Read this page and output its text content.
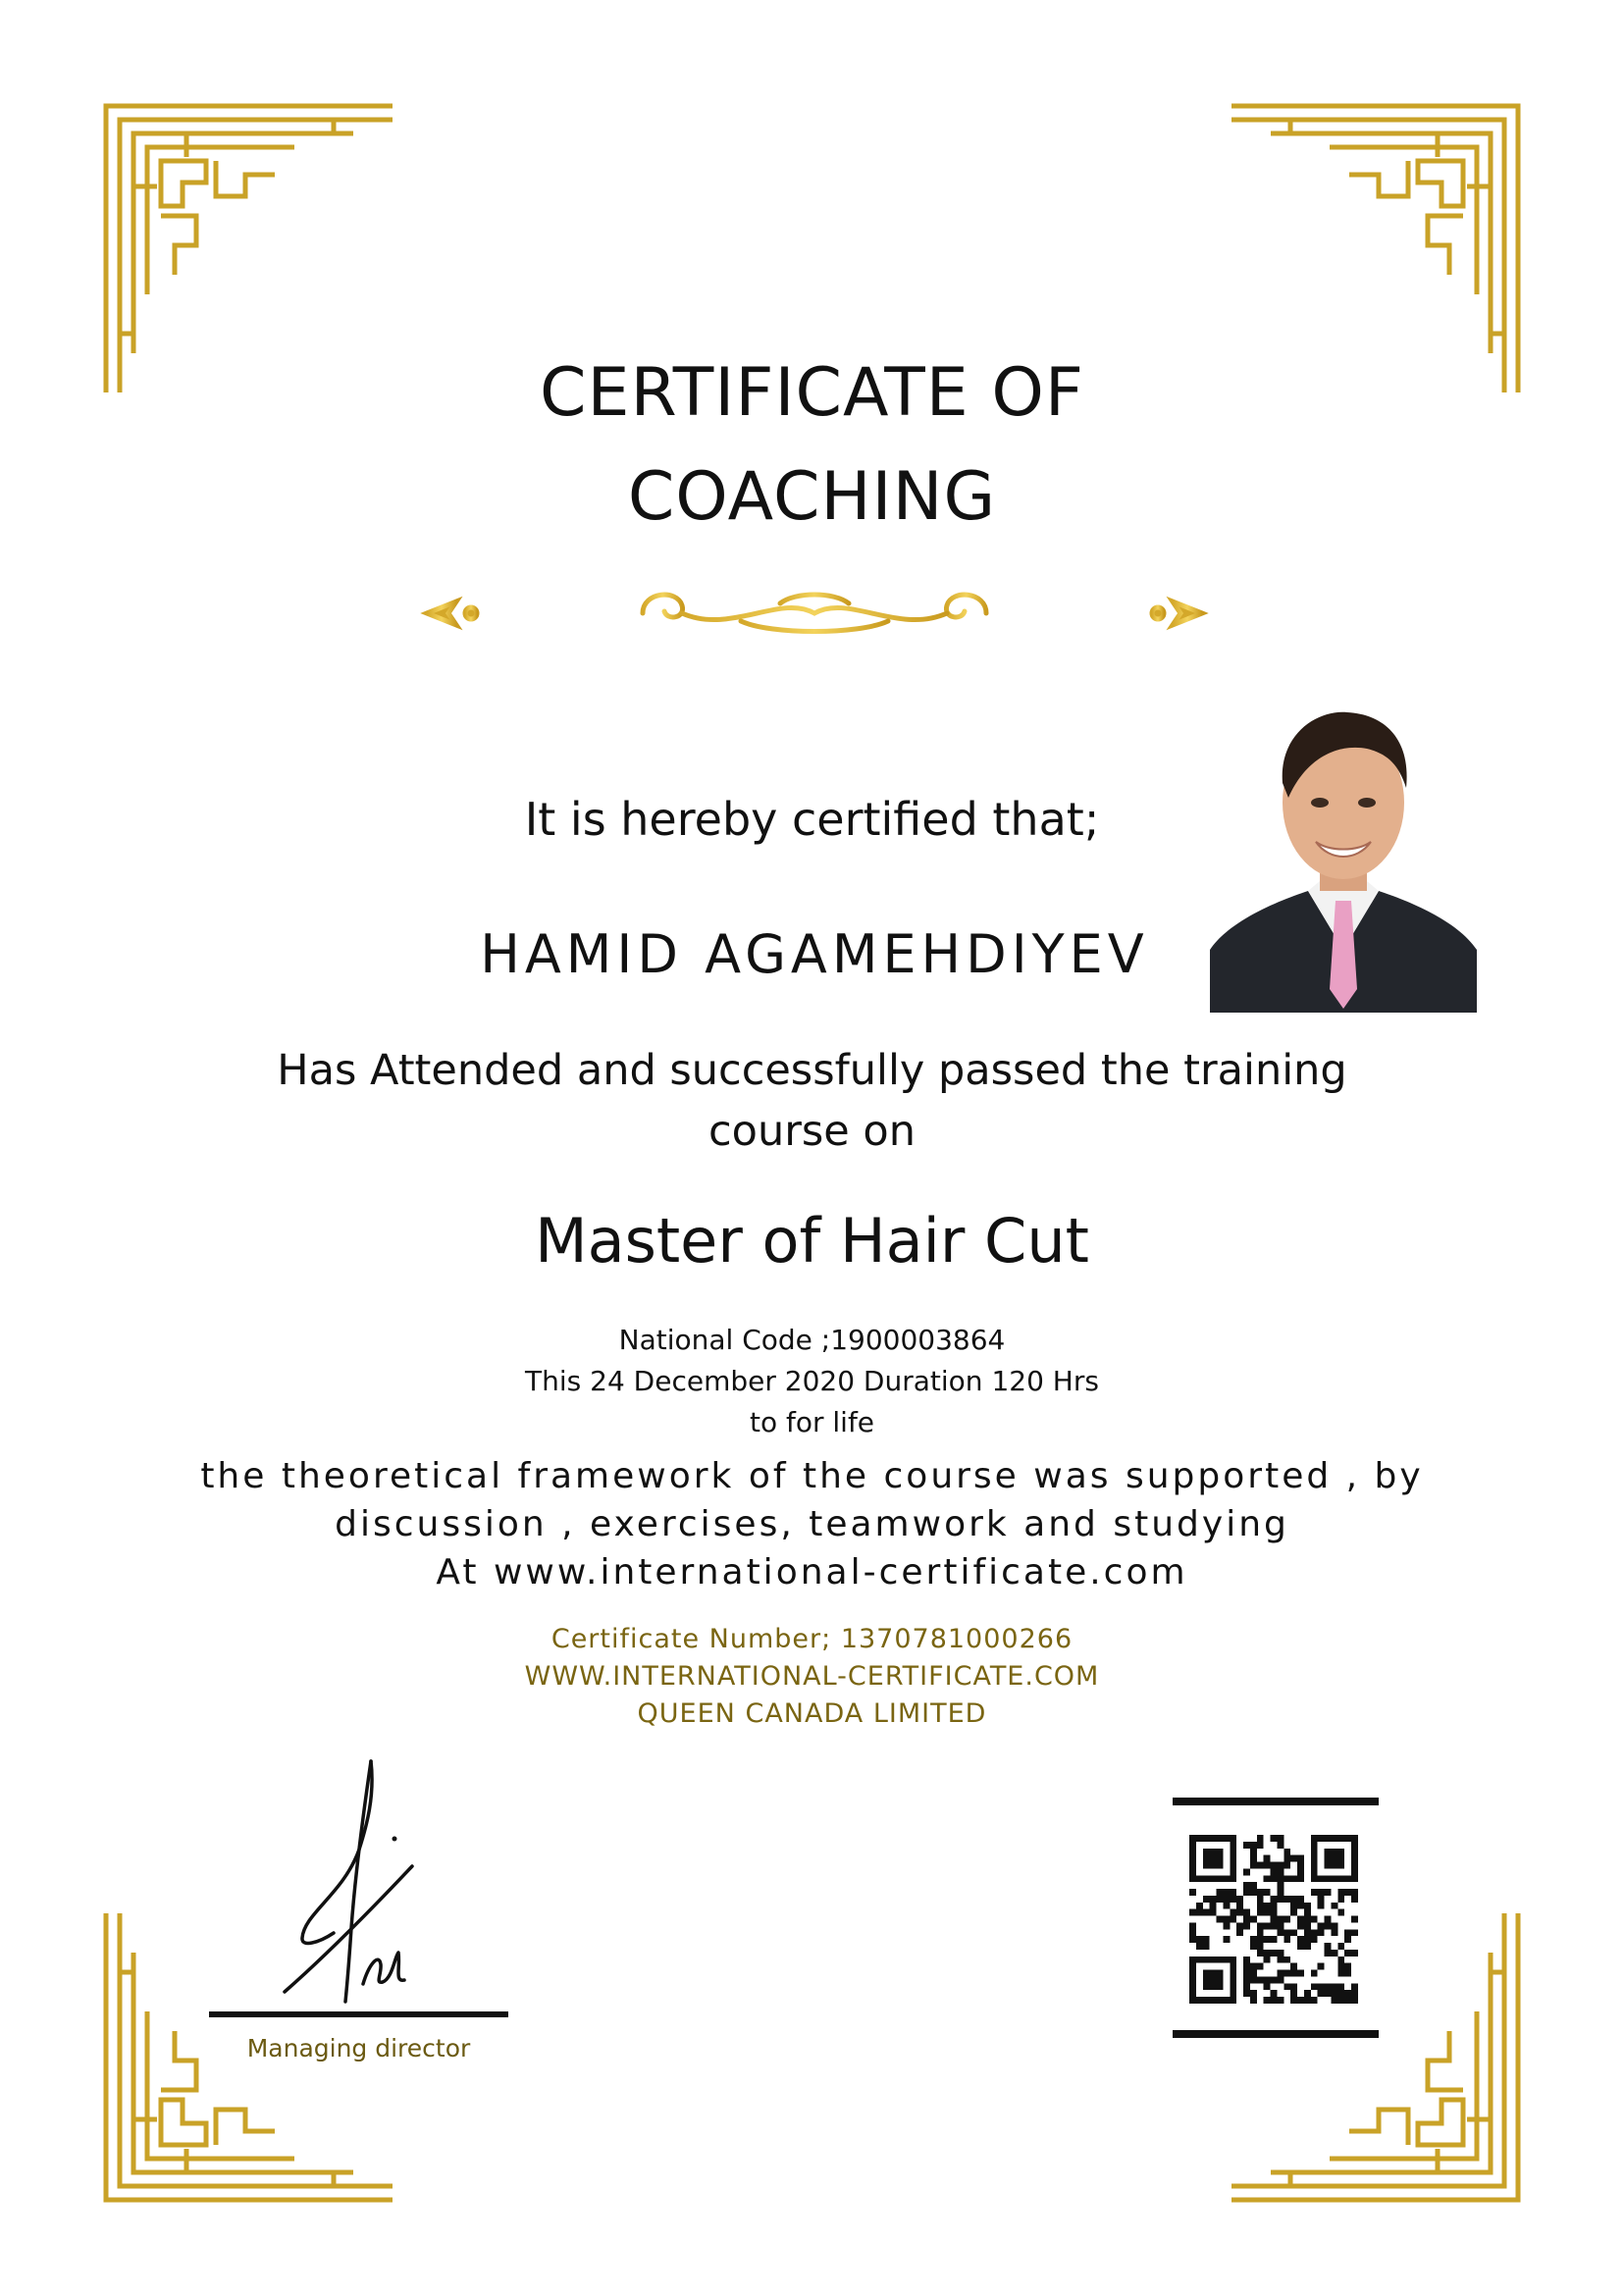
CERTIFICATE OF
COACHING
It is hereby certified that;
HAMID AGAMEHDIYEV
Has Attended and successfully passed the training
course on
Master of Hair Cut
National Code ;1900003864
This 24 December 2020 Duration 120 Hrs
to for life
the theoretical framework of the course was supported , by
discussion , exercises, teamwork and studying
At www.international-certificate.com
Certificate Number; 1370781000266
WWW.INTERNATIONAL-CERTIFICATE.COM
QUEEN CANADA LIMITED
Managing director
